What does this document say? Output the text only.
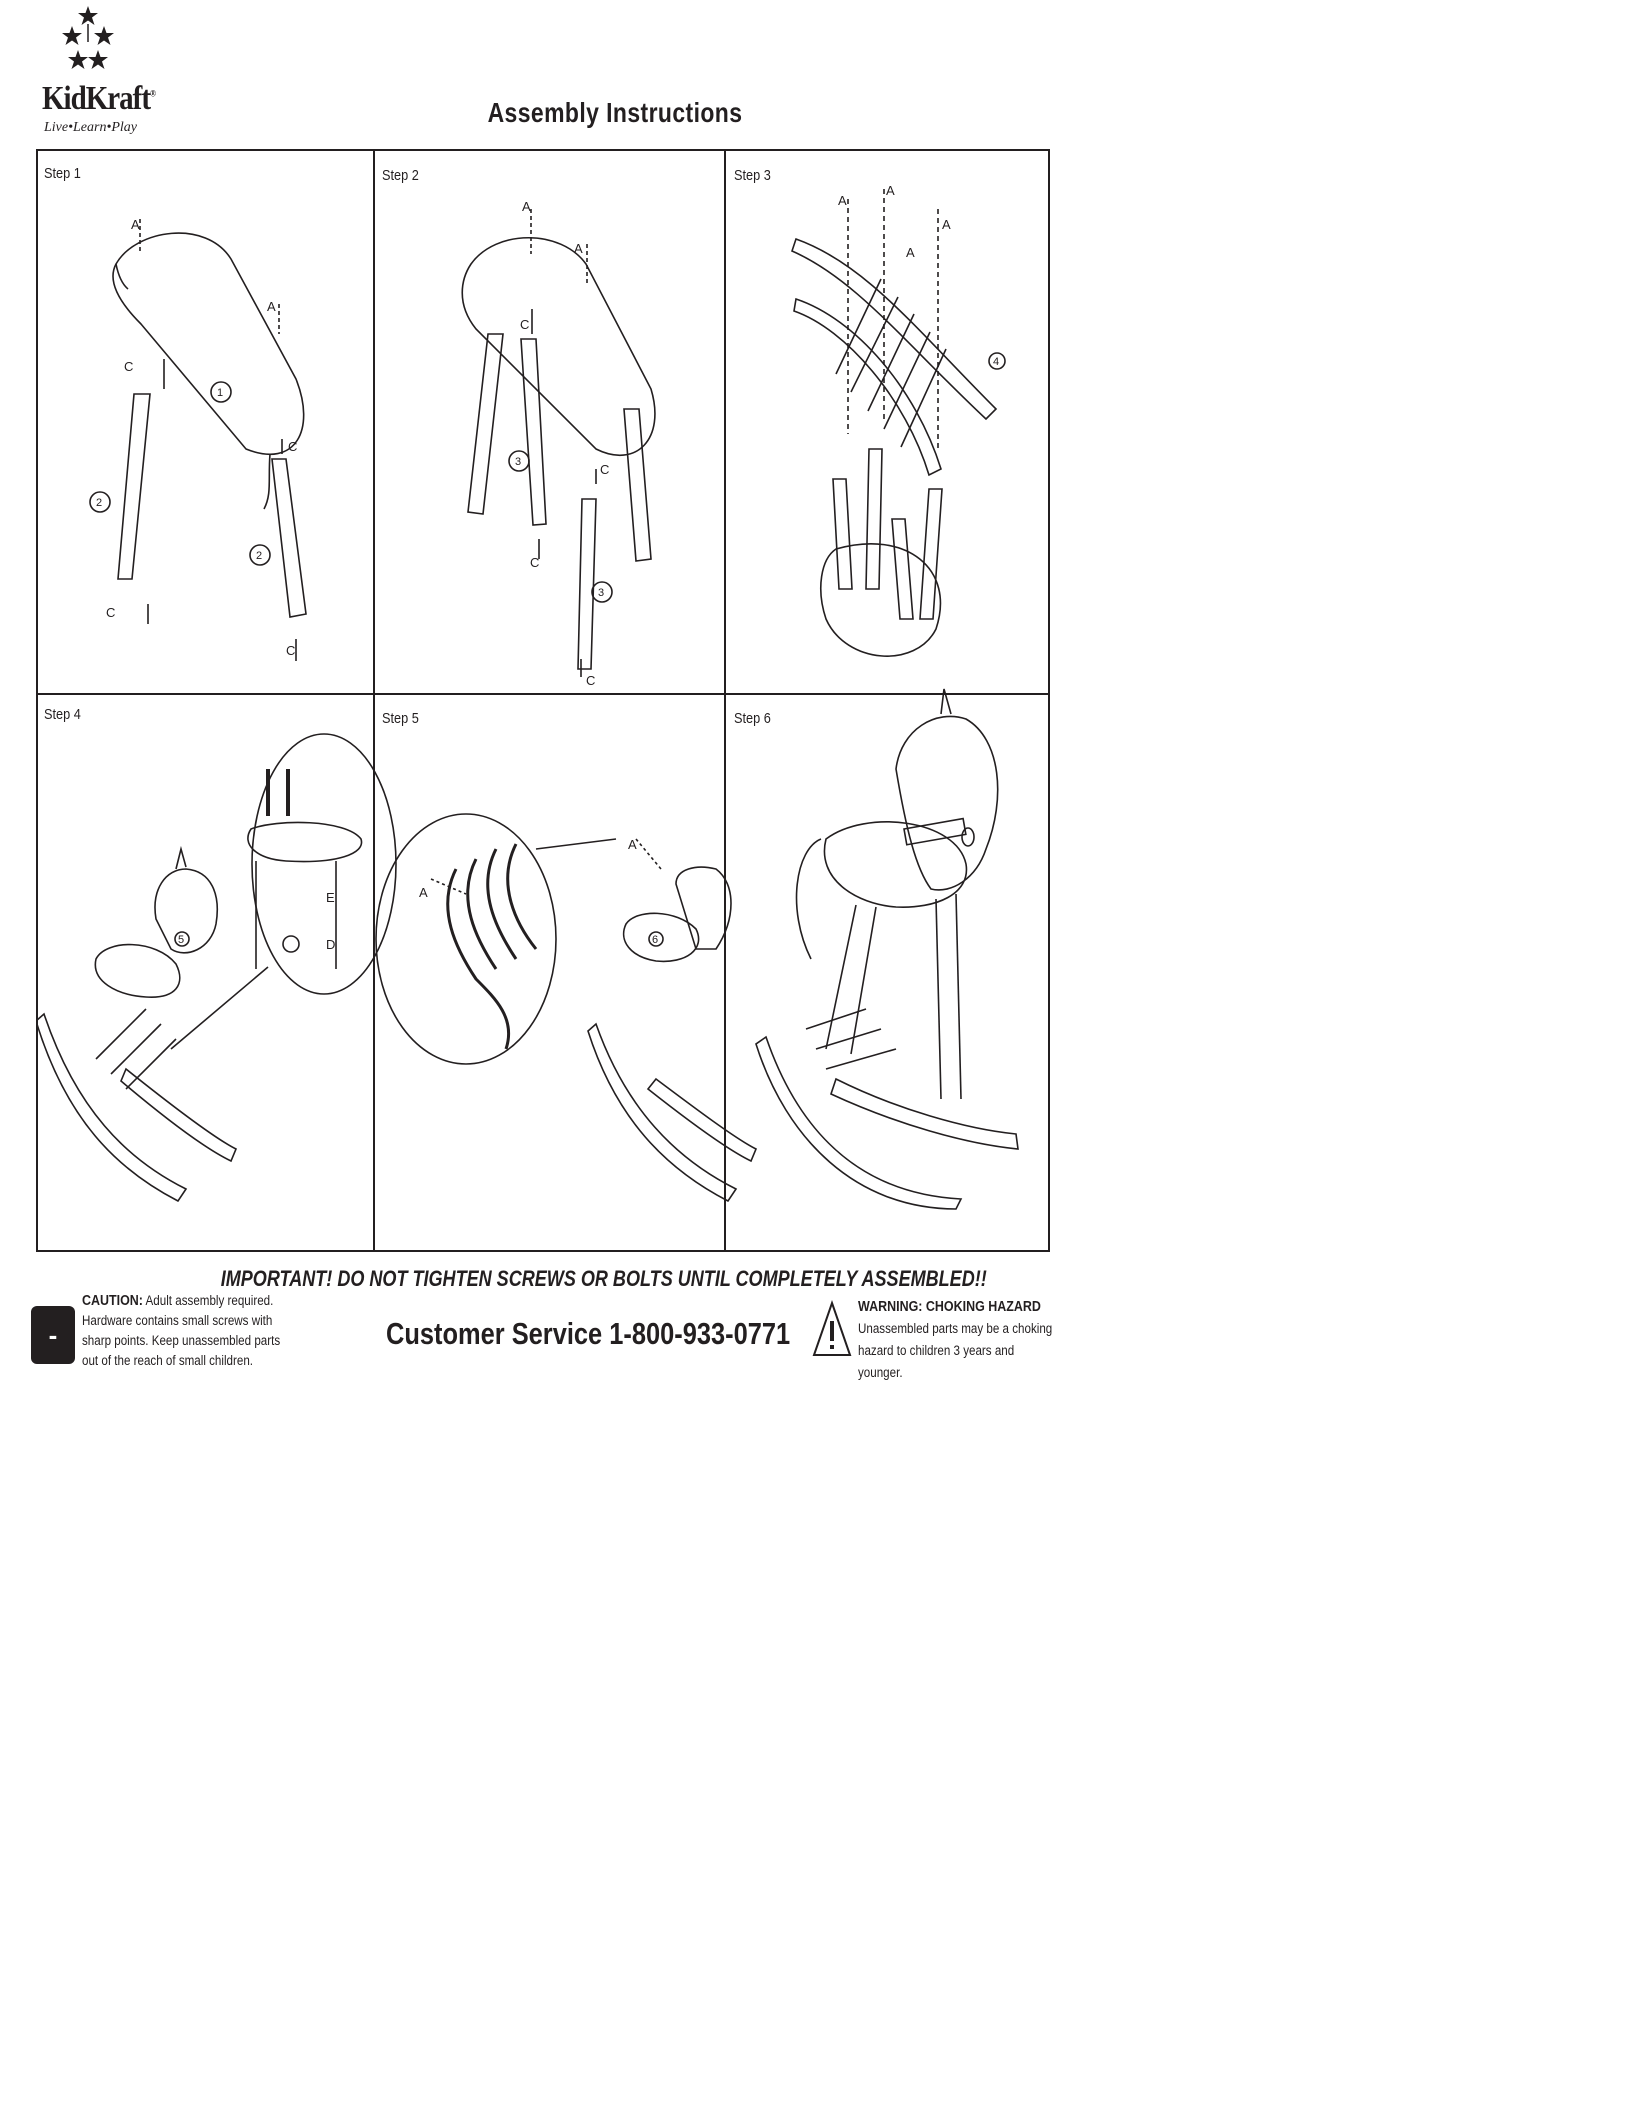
KidKraft®
Live•Learn•Play	Assembly Instructions
A
A
C
C
C
C
1
2
2
A
A
C
C
C
C
3
3
A
A
A
A
4
5
E
D
A
A
6
Step 1	Step 2	Step 3
Step 4	Step 5	Step 6
IMPORTANT! DO NOT TIGHTEN SCREWS OR BOLTS UNTIL COMPLETELY ASSEMBLED!!
-
CAUTION: Adult assembly required. Hardware contains small screws with sharp points. Keep unassembled parts out of the reach of small children.
Customer Service 1-800-933-0771
WARNING: CHOKING HAZARD
Unassembled parts may be a choking hazard to children 3 years and younger.
